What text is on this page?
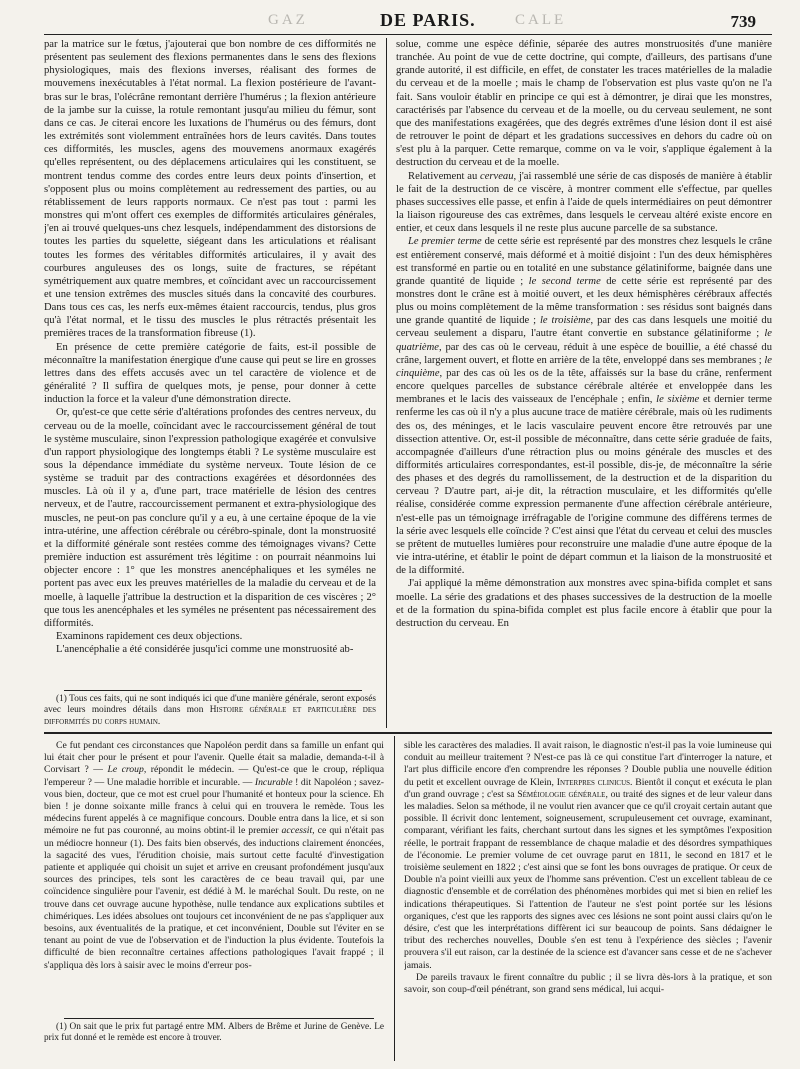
GAZ	DE PARIS.	CALE	739

par la matrice sur le fœtus, j'ajouterai que bon nombre de ces difformités ne présentent pas seulement des flexions permanentes dans le sens des flexions physiologiques, mais des flexions inverses, réalisant des formes de mouvemens inexécutables à l'état normal. La flexion postérieure de l'avant-bras sur le bras, l'olécrâne remontant derrière l'humérus ; la flexion antérieure de la jambe sur la cuisse, la rotule remontant jusqu'au milieu du fémur, sont dans ce cas. Je citerai encore les luxations de l'humérus ou des fémurs, dont les extrémités sont violemment entraînées hors de leurs cavités. Dans toutes ces difformités, les muscles, agens des mouvemens anormaux exagérés qu'elles représentent, ou des déplacemens articulaires qui les constituent, se montrent tendus comme des cordes entre leurs deux points d'insertion, et s'opposent plus ou moins complètement au redressement des parties, ou au rétablissement de leurs rapports normaux. Ce n'est pas tout : parmi les monstres qui m'ont offert ces exemples de difformités articulaires générales, j'en ai trouvé quelques-uns chez lesquels, indépendamment des distorsions de toutes les parties du squelette, siégeant dans les articulations et réalisant toutes les formes des véritables difformités articulaires, il y avait des courbures anguleuses des os longs, suite de fractures, se répétant symétriquement aux quatre membres, et coïncidant avec un raccourcissement et une tension extrêmes des muscles situés dans la concavité des courbures. Dans tous ces cas, les nerfs eux-mêmes étaient raccourcis, tendus, plus gros qu'à l'état normal, et le tissu des muscles le plus rétractés présentait les premières traces de la transformation fibreuse (1).

En présence de cette première catégorie de faits, est-il possible de méconnaître la manifestation énergique d'une cause qui peut se lire en grosses lettres dans des effets accusés avec un tel caractère de violence et de généralité ? Il suffira de quelques mots, je pense, pour donner à cette induction la force et la valeur d'une démonstration directe.

Or, qu'est-ce que cette série d'altérations profondes des centres nerveux, du cerveau ou de la moelle, coïncidant avec le raccourcissement général de tout le système musculaire, sinon l'expression pathologique exagérée et convulsive d'un rapport physiologique des longtemps établi ? Le système musculaire est sous la dépendance immédiate du système nerveux. Toute lésion de ce système se traduit par des contractions exagérées et désordonnées des muscles. Là où il y a, d'une part, trace matérielle de lésion des centres nerveux, et de l'autre, raccourcissement permanent et extra-physiologique des muscles, ne peut-on pas conclure qu'il y a eu, à une certaine époque de la vie intra-utérine, une affection cérébrale ou cérébro-spinale, dont la monstruosité et la difformité générale sont restées comme des témoignages vivans? Cette première induction est assurément très légitime : on pourrait néanmoins lui objecter encore : 1° que les monstres anencéphaliques et les syméles ne portent pas avec eux les preuves matérielles de la maladie du cerveau et de la moelle, à laquelle j'attribue la destruction et la disparition de ces viscères ; 2° que tous les anencéphales et les syméles ne présentent pas nécessairement des difformités.

Examinons rapidement ces deux objections.

L'anencéphalie a été considérée jusqu'ici comme une monstruosité ab-

(1) Tous ces faits, qui ne sont indiqués ici que d'une manière générale, seront exposés avec leurs moindres détails dans mon Histoire générale et particulière des difformités du corps humain.

solue, comme une espèce définie, séparée des autres monstruosités d'une manière tranchée. Au point de vue de cette doctrine, qui compte, d'ailleurs, des partisans d'une grande autorité, il est difficile, en effet, de constater les traces matérielles de la maladie du cerveau et de la moelle ; mais le champ de l'observation est plus vaste qu'on ne l'a fait. Sans vouloir établir en principe ce qui est à démontrer, je dirai que les monstres, caractérisés par l'absence du cerveau et de la moelle, ou du cerveau seulement, ne sont que des manifestations exagérées, que des degrés extrêmes d'une lésion dont il est aisé de retrouver le point de départ et les gradations successives en dehors du cadre où on s'est plu à la parquer. Cette remarque, comme on va le voir, s'applique également à la destruction du cerveau et de la moelle.

Relativement au cerveau, j'ai rassemblé une série de cas disposés de manière à établir le fait de la destruction de ce viscère, à montrer comment elle s'effectue, par quelles phases successives elle passe, et enfin à l'aide de quels intermédiaires on peut démontrer la liaison rigoureuse des cas extrêmes, dans lesquels le cerveau altéré existe encore en entier, et ceux dans lesquels il ne reste plus aucune parcelle de sa substance.

Le premier terme de cette série est représenté par des monstres chez lesquels le crâne est entièrement conservé, mais déformé et à moitié disjoint : l'un des deux hémisphères est transformé en partie ou en totalité en une substance gélatiniforme, baignée dans une grande quantité de liquide ; le second terme de cette série est représenté par des monstres dont le crâne est à moitié ouvert, et les deux hémisphères cérébraux affectés plus ou moins complètement de la même transformation : ses résidus sont baignés dans une grande quantité de liquide ; le troisième, par des cas dans lesquels une moitié du cerveau seulement a disparu, l'autre étant convertie en substance gélatiniforme ; le quatrième, par des cas où le cerveau, réduit à une espèce de bouillie, a été chassé du crâne, largement ouvert, et flotte en arrière de la tête, enveloppé dans ses membranes ; le cinquième, par des cas où les os de la tête, affaissés sur la base du crâne, renferment encore quelques parcelles de substance cérébrale altérée et enveloppée dans les membranes et le lacis des vaisseaux de l'encéphale ; enfin, le sixième et dernier terme renferme les cas où il n'y a plus aucune trace de matière cérébrale, mais où les rudiments des os, des méninges, et le lacis vasculaire peuvent encore être retrouvés par une dissection attentive. Or, est-il possible de méconnaître, dans cette série graduée de faits, accompagnée d'ailleurs d'une rétraction plus ou moins générale des muscles et des difformités articulaires correspondantes, est-il possible, dis-je, de méconnaître la série des phases et des degrés du ramollissement, de la destruction et de la disparition du cerveau ? D'autre part, ai-je dit, la rétraction musculaire, et les difformités qu'elle réalise, considérée comme expression permanente d'une affection cérébrale antérieure, n'est-elle pas un témoignage irréfragable de l'origine commune des différens termes de la série avec lesquels elle coïncide ? C'est ainsi que l'état du cerveau et celui des muscles se prêtent de mutuelles lumières pour reconstruire une maladie d'une autre époque de la vie intra-utérine, et établir le point de départ commun et la liaison de la monstruosité et de la difformité.

J'ai appliqué la même démonstration aux monstres avec spina-bifida complet et sans moelle. La série des gradations et des phases successives de la destruction de la moelle et de la formation du spina-bifida complet est plus facile encore à établir que pour la destruction du cerveau. En

Ce fut pendant ces circonstances que Napoléon perdit dans sa famille un enfant qui lui était cher pour le présent et pour l'avenir. Quelle était sa maladie, demanda-t-il à Corvisart ? — Le croup, répondit le médecin. — Qu'est-ce que le croup, répliqua l'empereur ? — Une maladie horrible et incurable. — Incurable ! dit Napoléon ; savez-vous bien, docteur, que ce mot est cruel pour l'humanité et honteux pour la science. Eh bien ! je donne soixante mille francs à celui qui en trouvera le remède. Tous les médecins furent appelés à ce magnifique concours. Double entra dans la lice, et si son mémoire ne fut pas couronné, au moins obtint-il le premier accessit, ce qui n'était pas un médiocre honneur (1). Des faits bien observés, des inductions clairement énoncées, la sagacité des vues, l'érudition choisie, mais surtout cette faculté d'investigation patiente et appliquée qui choisit un sujet et arrive en creusant profondément jusqu'aux sources des principes, tels sont les caractères de ce beau travail qui, par une coïncidence singulière pour l'avenir, est dédié à M. le maréchal Soult. Du reste, on ne trouve dans cet ouvrage aucune hypothèse, nulle tendance aux explications subtiles et chimériques. Les idées absolues ont toujours cet inconvénient de ne pas s'appliquer aux besoins, aux éventualités de la pratique, et cet inconvénient, Double sut l'éviter en se tenant au point de vue de l'observation et de l'induction la plus évidente. Toutefois la difficulté de bien reconnaître certaines affections pathologiques l'avait frappé ; il s'appliqua dès lors à saisir avec le moins d'erreur pos-

(1) On sait que le prix fut partagé entre MM. Albers de Brême et Jurine de Genève. Le prix fut donné et le remède est encore à trouver.

sible les caractères des maladies. Il avait raison, le diagnostic n'est-il pas la voie lumineuse qui conduit au meilleur traitement ? N'est-ce pas là ce qui constitue l'art d'interroger la nature, et l'art plus difficile encore d'en comprendre les réponses ? Double publia une nouvelle édition du petit et excellent ouvrage de Klein, Interpres clinicus. Bientôt il conçut et exécuta le plan d'un grand ouvrage ; c'est sa Séméiologie générale, ou traité des signes et de leur valeur dans les maladies. Selon sa méthode, il ne voulut rien avancer que ce qu'il croyait certain autant que possible. Il écrivit donc lentement, soigneusement, scrupuleusement cet ouvrage, examinant, comparant, vérifiant les faits, cherchant surtout dans les signes et les symptômes l'exposition réelle, le portrait frappant de ressemblance de chaque maladie et des désordres sympathiques de l'économie. Le premier volume de cet ouvrage parut en 1811, le second en 1817 et le troisième seulement en 1822 ; c'est ainsi que se font les bons ouvrages de pratique. Or ceux de Double n'a point vieilli aux yeux de l'homme sans prévention. C'est un excellent tableau de ce diagnostic d'ensemble et de corrélation des phénomènes morbides qui met si bien en relief les indications thérapeutiques. Si l'attention de l'auteur ne s'est point portée sur les lésions organiques, c'est que les rapports des signes avec ces lésions ne sont point aussi clairs qu'on le désire, c'est que les interprétations diffèrent ici sur beaucoup de points. Sans dédaigner le tribut des recherches nouvelles, Double s'en est tenu à l'expérience des siècles ; l'avenir prouvera s'il eut raison, car la destinée de la science est d'avancer sans cesse et de ne s'achever jamais.

De pareils travaux le firent connaître du public ; il se livra dès-lors à la pratique, et son savoir, son coup-d'œil pénétrant, son grand sens médical, lui acqui-
